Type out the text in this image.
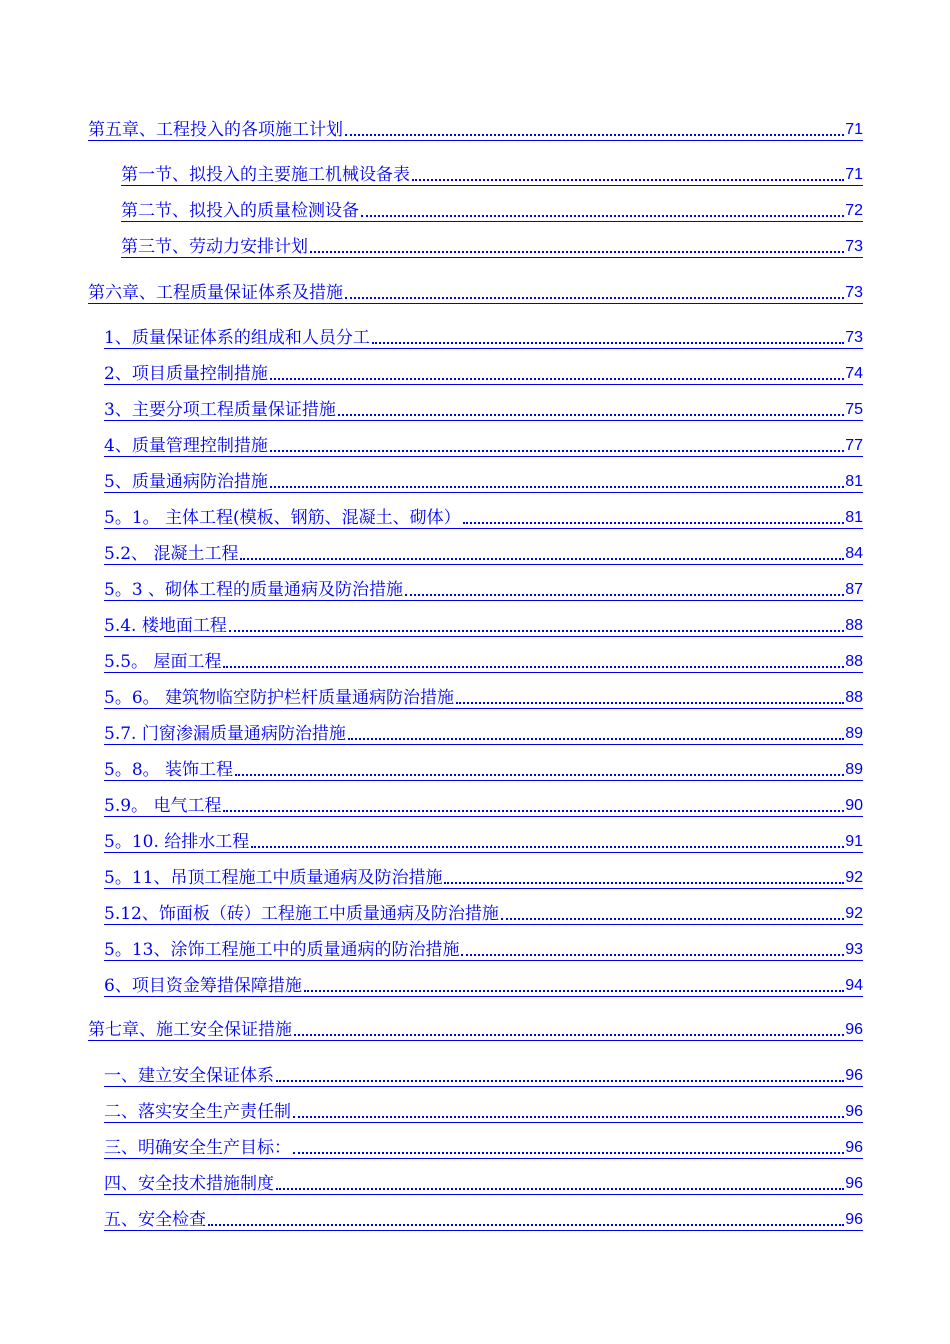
第五章、工程投入的各项施工计划	71
第一节、拟投入的主要施工机械设备表	71
第二节、拟投入的质量检测设备	72
第三节、劳动力安排计划	73
第六章、工程质量保证体系及措施	73
1、质量保证体系的组成和人员分工	73
2、项目质量控制措施	74
3、主要分项工程质量保证措施	75
4、质量管理控制措施	77
5、质量通病防治措施	81
5。1。 主体工程(模板、钢筋、混凝土、砌体）	81
5.2、 混凝土工程	84
5。3 、砌体工程的质量通病及防治措施	87
5.4. 楼地面工程	88
5.5。 屋面工程	88
5。6。 建筑物临空防护栏杆质量通病防治措施	88
5.7. 门窗渗漏质量通病防治措施	89
5。8。 装饰工程	89
5.9。 电气工程	90
5。10. 给排水工程	91
5。11、吊顶工程施工中质量通病及防治措施	92
5.12、饰面板（砖）工程施工中质量通病及防治措施	92
5。13、涂饰工程施工中的质量通病的防治措施	93
6、项目资金筹措保障措施	94
第七章、施工安全保证措施	96
一、建立安全保证体系	96
二、落实安全生产责任制	96
三、明确安全生产目标：	96
四、安全技术措施制度	96
五、安全检查	96
